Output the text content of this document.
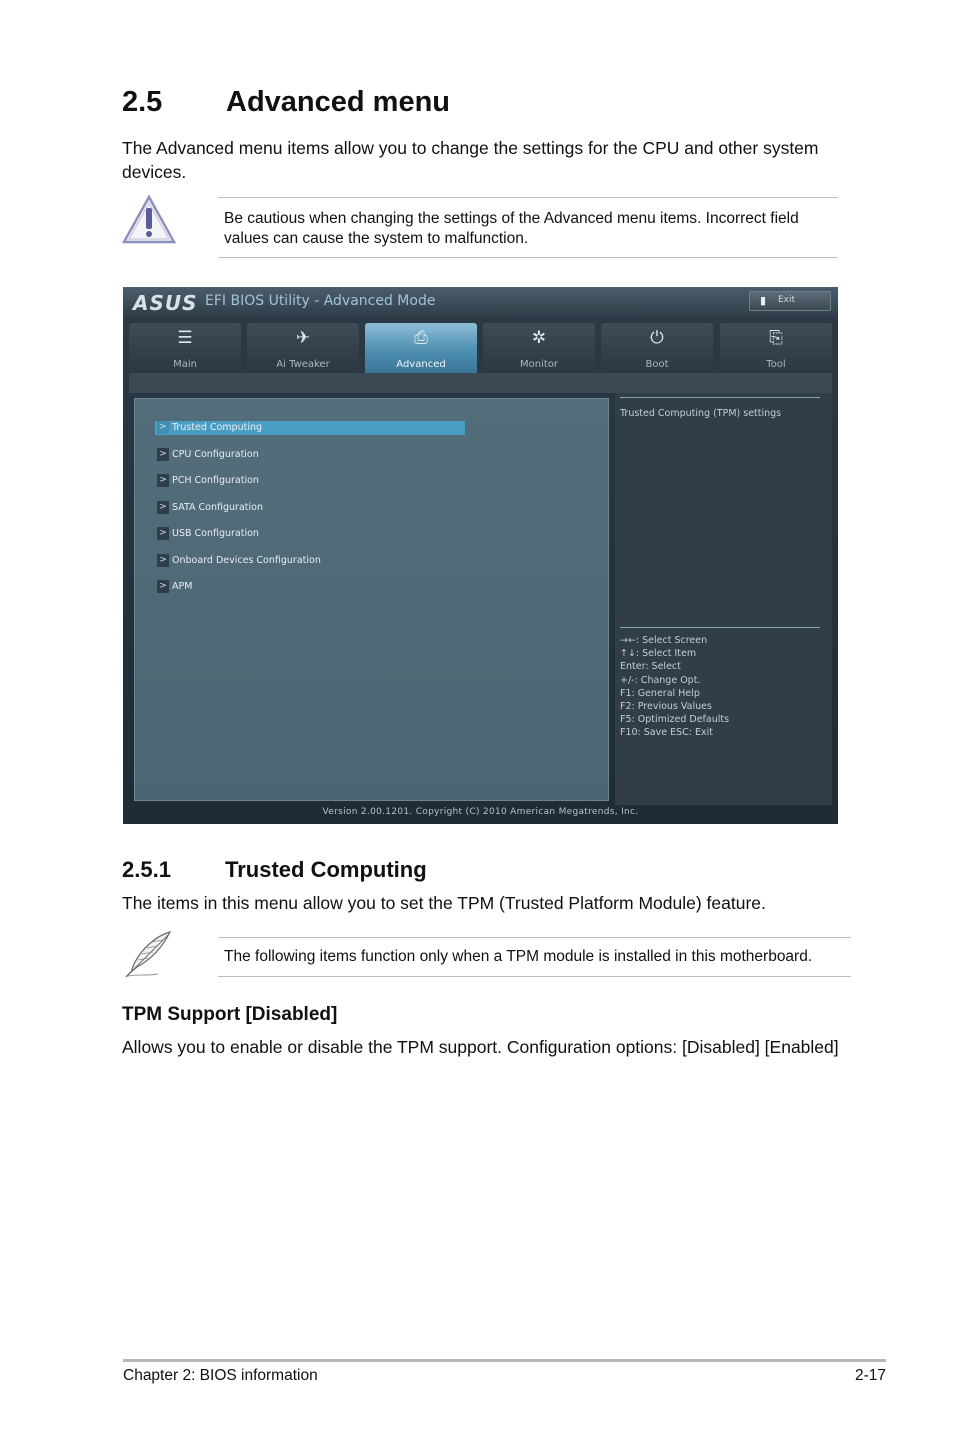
2.5 Advanced menu
The Advanced menu items allow you to change the settings for the CPU and other system devices.
Be cautious when changing the settings of the Advanced menu items. Incorrect field values can cause the system to malfunction.
ASUS EFI BIOS Utility - Advanced Mode	▮ Exit
☰
Main
✈
Ai Tweaker
⎙
Advanced
✲
Monitor
⏻
Boot
⎘
Tool
> Trusted Computing
> CPU Configuration
> PCH Configuration
> SATA Configuration
> USB Configuration
> Onboard Devices Configuration
> APM
Trusted Computing (TPM) settings
→←: Select Screen
↑↓: Select Item
Enter: Select
+/-: Change Opt.
F1: General Help
F2: Previous Values
F5: Optimized Defaults
F10: Save ESC: Exit
Version 2.00.1201. Copyright (C) 2010 American Megatrends, Inc.
2.5.1 Trusted Computing
The items in this menu allow you to set the TPM (Trusted Platform Module) feature.
The following items function only when a TPM module is installed in this motherboard.
TPM Support [Disabled]
Allows you to enable or disable the TPM support. Configuration options: [Disabled] [Enabled]
Chapter 2: BIOS information	2-17
